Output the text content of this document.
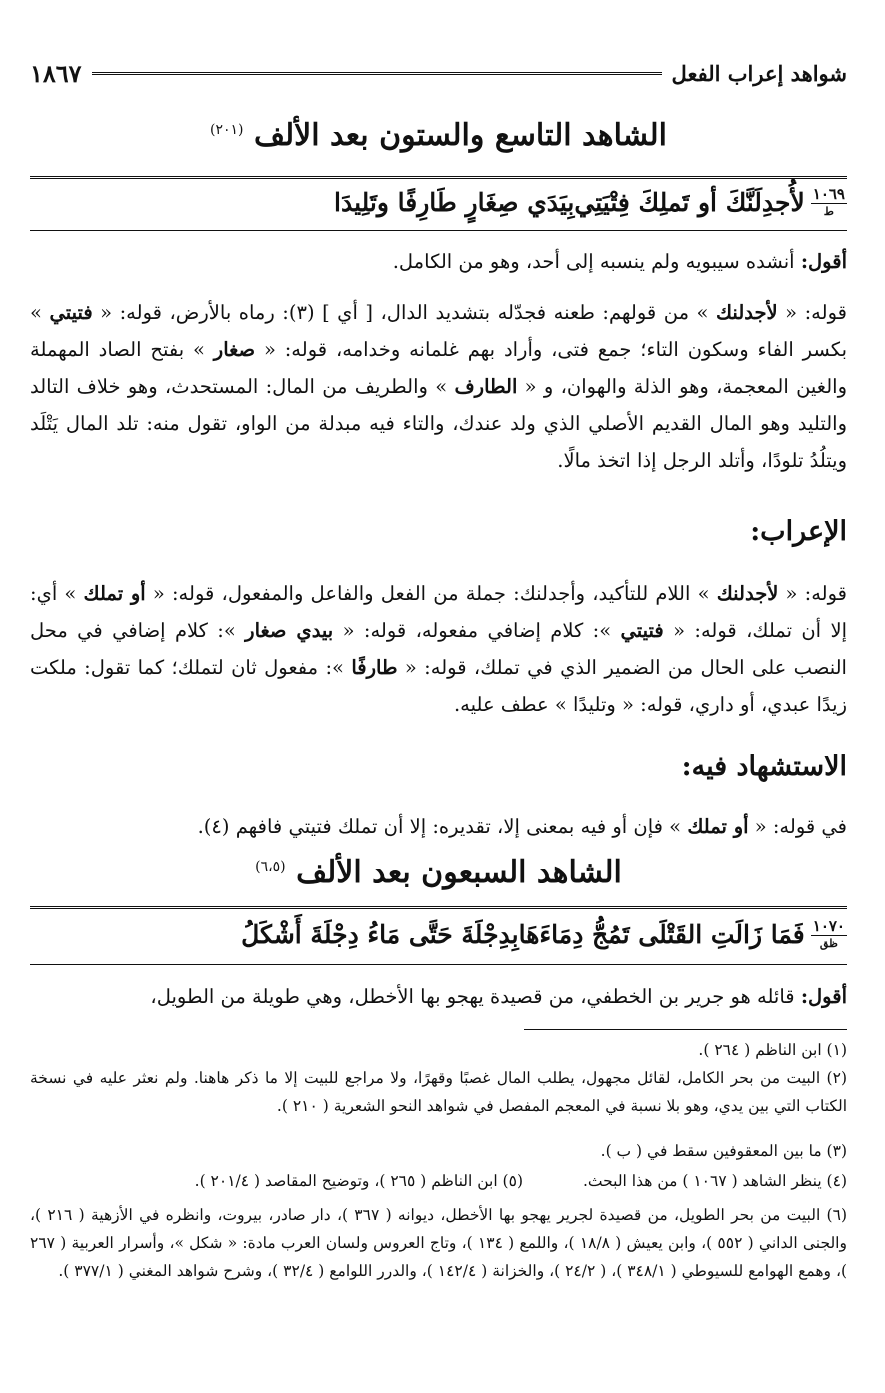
شواهد إعراب الفعل
١٨٦٧
الشاهد التاسع والستون بعد الألف $^{(٢٠١)}$
١٠٦٩
ط
لأُجدِلَنَّكَ أو تَملِكَ فِتْيَتِي
بِيَدَي صِغَارٍ طَارِفًا وتَلِيدَا
أقول: أنشده سيبويه ولم ينسبه إلى أحد، وهو من الكامل.
قوله: « لأجدلنك » من قولهم: طعنه فجدّله بتشديد الدال، [ أي ] (٣): رماه بالأرض، قوله: « فتيتي » بكسر الفاء وسكون التاء؛ جمع فتى، وأراد بهم غلمانه وخدامه، قوله: « صغار » بفتح الصاد المهملة والغين المعجمة، وهو الذلة والهوان، و « الطارف » والطريف من المال: المستحدث، وهو خلاف التالد والتليد وهو المال القديم الأصلي الذي ولد عندك، والتاء فيه مبدلة من الواو، تقول منه: تلد المال يَتْلَد ويتلُدُ تلودًا، وأتلد الرجل إذا اتخذ مالًا.
الإعراب:
قوله: « لأجدلنك » اللام للتأكيد، وأجدلنك: جملة من الفعل والفاعل والمفعول، قوله: « أو تملك » أي: إلا أن تملك، قوله: « فتيتي »: كلام إضافي مفعوله، قوله: « بيدي صغار »: كلام إضافي في محل النصب على الحال من الضمير الذي في تملك، قوله: « طارفًا »: مفعول ثان لتملك؛ كما تقول: ملكت زيدًا عبدي، أو داري، قوله: « وتليدًا » عطف عليه.
الاستشهاد فيه:
في قوله: « أو تملك » فإن أو فيه بمعنى إلا، تقديره: إلا أن تملك فتيتي فافهم (٤).
الشاهد السبعون بعد الألف $^{(٦،٥)}$
١٠٧٠
ظق
فَمَا زَالَتِ القَتْلَى تَمُجُّ دِمَاءَهَا
بِدِجْلَةَ حَتَّى مَاءُ دِجْلَةَ أَشْكَلُ
أقول: قائله هو جرير بن الخطفي، من قصيدة يهجو بها الأخطل، وهي طويلة من الطويل،
(١) ابن الناظم ( ٢٦٤ ).
(٢) البيت من بحر الكامل، لقائل مجهول، يطلب المال غصبًا وقهرًا، ولا مراجع للبيت إلا ما ذكر هاهنا. ولم نعثر عليه في نسخة الكتاب التي بين يدي، وهو بلا نسبة في المعجم المفصل في شواهد النحو الشعرية ( ٢١٠ ).
(٣) ما بين المعقوفين سقط في ( ب ).
(٤) ينظر الشاهد ( ١٠٦٧ ) من هذا البحث.
(٥) ابن الناظم ( ٢٦٥ )، وتوضيح المقاصد ( ٢٠١/٤ ).
(٦) البيت من بحر الطويل، من قصيدة لجرير يهجو بها الأخطل، ديوانه ( ٣٦٧ )، دار صادر، بيروت، وانظره في الأزهية ( ٢١٦ )، والجنى الداني ( ٥٥٢ )، وابن يعيش ( ١٨/٨ )، واللمع ( ١٣٤ )، وتاج العروس ولسان العرب مادة: « شكل »، وأسرار العربية ( ٢٦٧ )، وهمع الهوامع للسيوطي ( ٣٤٨/١ )، ( ٢٤/٢ )، والخزانة ( ١٤٢/٤ )، والدرر اللوامع ( ٣٢/٤ )، وشرح شواهد المغني ( ٣٧٧/١ ).
